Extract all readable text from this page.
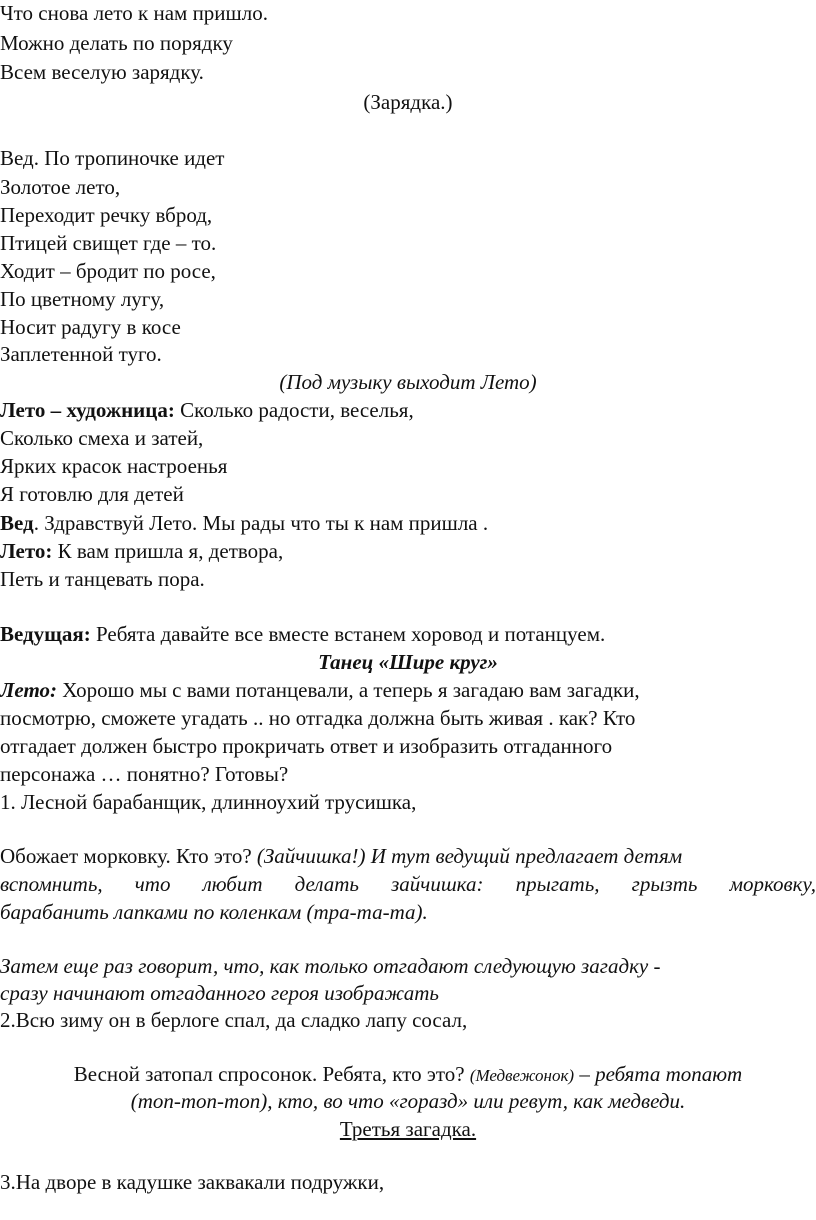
Что снова лето к нам пришло.
Можно делать по порядку
Всем веселую зарядку.
(Зарядка.)
Вед. По тропиночке идет
Золотое лето,
Переходит речку вброд,
Птицей свищет где – то.
Ходит – бродит по росе,
По цветному лугу,
Носит радугу в косе
Заплетенной туго.
(Под музыку выходит Лето)
Лето – художница: Сколько радости, веселья,
Сколько смеха и затей,
Ярких красок настроенья
Я готовлю для детей
Вед. Здравствуй Лето. Мы рады что ты к нам пришла .
Лето: К вам пришла я, детвора,
Петь и танцевать пора.
Ведущая: Ребята давайте все вместе встанем хоровод и потанцуем.
Танец «Шире круг»
Лето: Хорошо мы с вами потанцевали, а теперь я загадаю вам загадки,
посмотрю, сможете угадать .. но отгадка должна быть живая . как? Кто
отгадает должен быстро прокричать ответ и изобразить отгаданного
персонажа … понятно? Готовы?
1. Лесной барабанщик, длинноухий трусишка,
Обожает морковку. Кто это? (Зайчишка!) И тут ведущий предлагает детям
вспомнить, что любит делать зайчишка: прыгать, грызть морковку,
барабанить лапками по коленкам (тра-та-та).
Затем еще раз говорит, что, как только отгадают следующую загадку -
сразу начинают отгаданного героя изображать
2.Всю зиму он в берлоге спал, да сладко лапу сосал,
Весной затопал спросонок. Ребята, кто это? (Медвежонок) – ребята топают
(топ-топ-топ), кто, во что «горазд» или ревут, как медведи.
Третья загадка.
3.На дворе в кадушке заквакали подружки,
